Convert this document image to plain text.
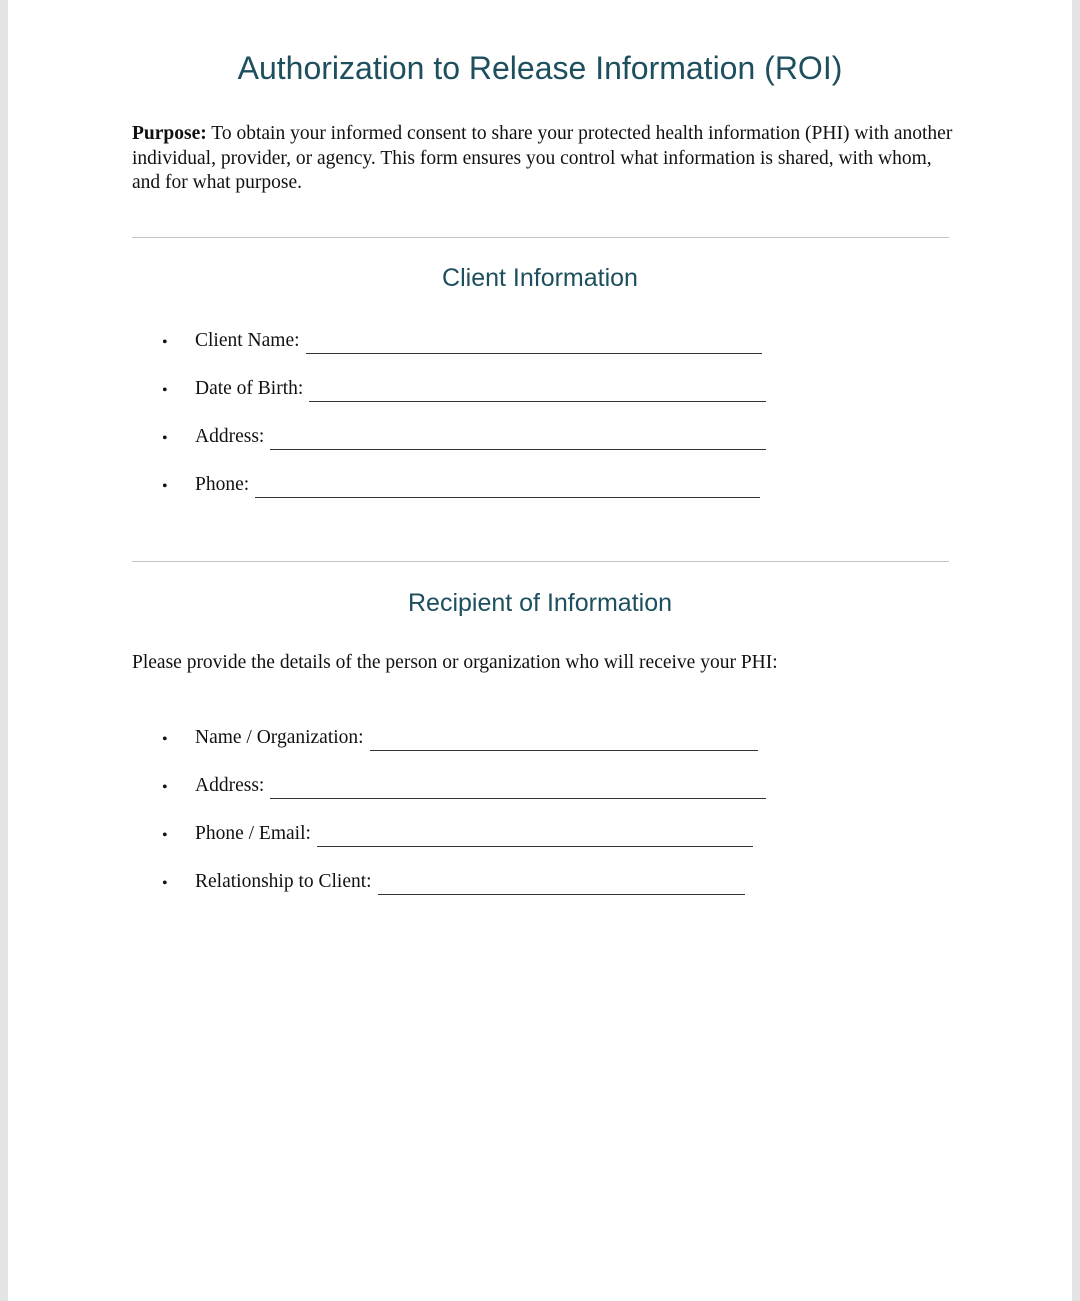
Authorization to Release Information (ROI)
Purpose: To obtain your informed consent to share your protected health information (PHI) with another individual, provider, or agency. This form ensures you control what information is shared, with whom, and for what purpose.
Client Information
•	Client Name:
•	Date of Birth:
•	Address:
•	Phone:
Recipient of Information
Please provide the details of the person or organization who will receive your PHI:
•	Name / Organization:
•	Address:
•	Phone / Email:
•	Relationship to Client:
